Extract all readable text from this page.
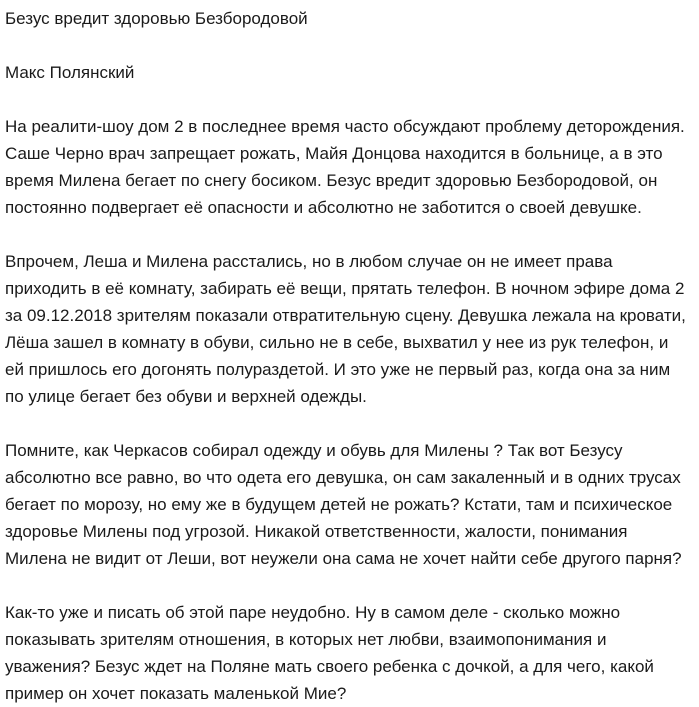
Безус вредит здоровью Безбородовой
Макс Полянский

На реалити-шоу дом 2 в последнее время часто обсуждают проблему деторождения. Саше Черно врач запрещает рожать, Майя Донцова находится в больнице, а в это время Милена бегает по снегу босиком. Безус вредит здоровью Безбородовой, он постоянно подвергает её опасности и абсолютно не заботится о своей девушке.

Впрочем, Леша и Милена расстались, но в любом случае он не имеет права приходить в её комнату, забирать её вещи, прятать телефон. В ночном эфире дома 2 за 09.12.2018 зрителям показали отвратительную сцену. Девушка лежала на кровати, Лёша зашел в комнату в обуви, сильно не в себе, выхватил у нее из рук телефон, и ей пришлось его догонять полураздетой. И это уже не первый раз, когда она за ним по улице бегает без обуви и верхней одежды.

Помните, как Черкасов собирал одежду и обувь для Милены ? Так вот Безусу абсолютно все равно, во что одета его девушка, он сам закаленный и в одних трусах бегает по морозу, но ему же в будущем детей не рожать? Кстати, там и психическое здоровье Милены под угрозой. Никакой ответственности, жалости, понимания Милена не видит от Леши, вот неужели она сама не хочет найти себе другого парня?

Как-то уже и писать об этой паре неудобно. Ну в самом деле - сколько можно показывать зрителям отношения, в которых нет любви, взаимопонимания и уважения? Безус ждет на Поляне мать своего ребенка с дочкой, а для чего, какой пример он хочет показать маленькой Мие?
